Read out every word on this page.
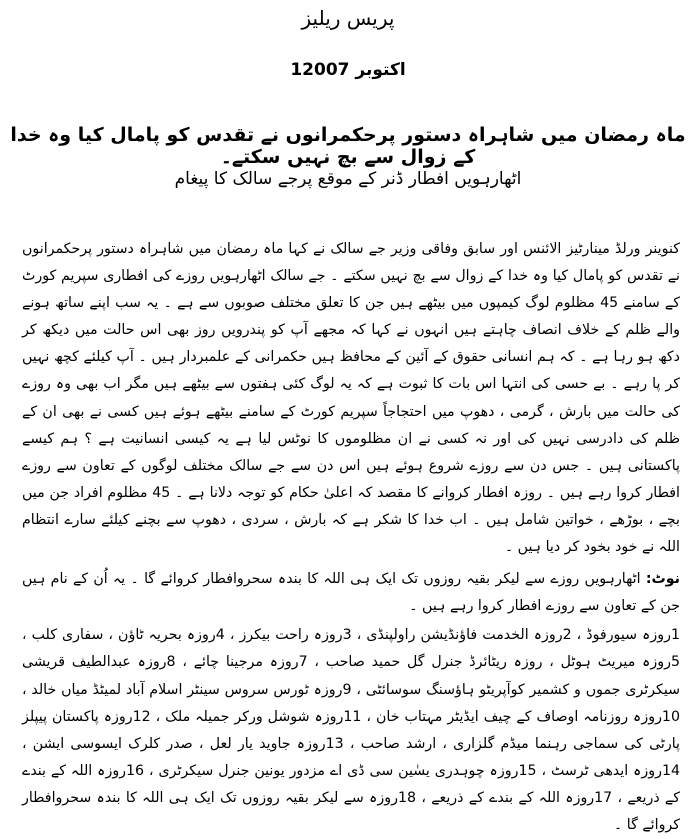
پریس ریلیز
1اکتوبر 2007
ماہ رمضان میں شاہراہ دستور پرحکمرانوں نے تقدس کو پامال کیا وہ خدا کے زوال سے بچ نہیں سکتے۔
اٹھارہویں افطار ڈنر کے موقع پرجے سالک کا پیغام

کنوینر ورلڈ مینارٹیز الائنس اور سابق وفاقی وزیر جے سالک نے کہا ماہ رمضان میں شاہراہ دستور پرحکمرانوں نے تقدس کو پامال کیا وہ خدا کے زوال سے بچ نہیں سکتے ۔ جے سالک اٹھارہویں روزے کی افطاری سپریم کورٹ کے سامنے 45 مظلوم لوگ کیمپوں میں بیٹھے ہیں جن کا تعلق مختلف صوبوں سے ہے ۔ یہ سب اپنے ساتھ ہونے والے ظلم کے خلاف انصاف چاہتے ہیں انہوں نے کہا کہ مجھے آپ کو پندرویں روز بھی اس حالت میں دیکھ کر دکھ ہو رہا ہے ۔ کہ ہم انسانی حقوق کے آئین کے محافظ ہیں حکمرانی کے علمبردار ہیں ۔ آپ کیلئے کچھ نہیں کر پا رہے ۔ بے حسی کی انتہا اس بات کا ثبوت ہے کہ یہ لوگ کئی ہفتوں سے بیٹھے ہیں مگر اب بھی وہ روزے کی حالت میں بارش ، گرمی ، دھوپ میں احتجاجاً سپریم کورٹ کے سامنے بیٹھے ہوئے ہیں کسی نے بھی ان کے ظلم کی دادرسی نہیں کی اور نہ کسی نے ان مظلوموں کا نوٹس لیا ہے یہ کیسی انسانیت ہے ؟ ہم کیسے پاکستانی ہیں ۔ جس دن سے روزے شروع ہوئے ہیں اس دن سے جے سالک مختلف لوگوں کے تعاون سے روزے افطار کروا رہے ہیں ۔ روزہ افطار کروانے کا مقصد کہ اعلیٰ حکام کو توجہ دلانا ہے ۔ 45 مظلوم افراد جن میں بچے ، بوڑھے ، خواتین شامل ہیں ۔ اب خدا کا شکر ہے کہ بارش ، سردی ، دھوپ سے بچنے کیلئے سارے انتظام اللہ نے خود بخود کر دیا ہیں ۔

نوٹ: اٹھارہویں روزے سے لیکر بقیہ روزوں تک ایک ہی اللہ کا بندہ سحروافطار کروائے گا ۔ یہ اُن کے نام ہیں جن کے تعاون سے روزے افطار کروا رہے ہیں ۔

1روزہ سیورفوڈ ، 2روزہ الخدمت فاؤنڈیشن راولپنڈی ، 3روزہ راحت بیکرز ، 4روزہ بحریہ ٹاؤن ، سفاری کلب ، 5روزہ میریٹ ہوٹل ، روزہ ریٹائرڈ جنرل گل حمید صاحب ، 7روزہ مرجینا چائے ، 8روزہ عبدالطیف قریشی سیکرٹری جموں و کشمیر کوآپریٹو ہاؤسنگ سوسائٹی ، 9روزہ ٹورس سروس سینٹر اسلام آباد لمیٹڈ میاں خالد ، 10روزہ روزنامہ اوصاف کے چیف ایڈیٹر مہتاب خان ، 11روزہ شوشل ورکر جمیلہ ملک ، 12روزہ پاکستان پیپلز پارٹی کی سماجی رہنما میڈم گلزاری ، ارشد صاحب ، 13روزہ جاوید یار لعل ، صدر کلرک ایسوسی ایشن ، 14روزہ ایدھی ٹرسٹ ، 15روزہ چوہدری یسٰین سی ڈی اے مزدور یونین جنرل سیکرٹری ، 16روزہ اللہ کے بندے کے ذریعے ، 17روزہ اللہ کے بندے کے ذریعے ، 18روزہ سے لیکر بقیہ روزوں تک ایک ہی اللہ کا بندہ سحروافطار کروائے گا ۔
